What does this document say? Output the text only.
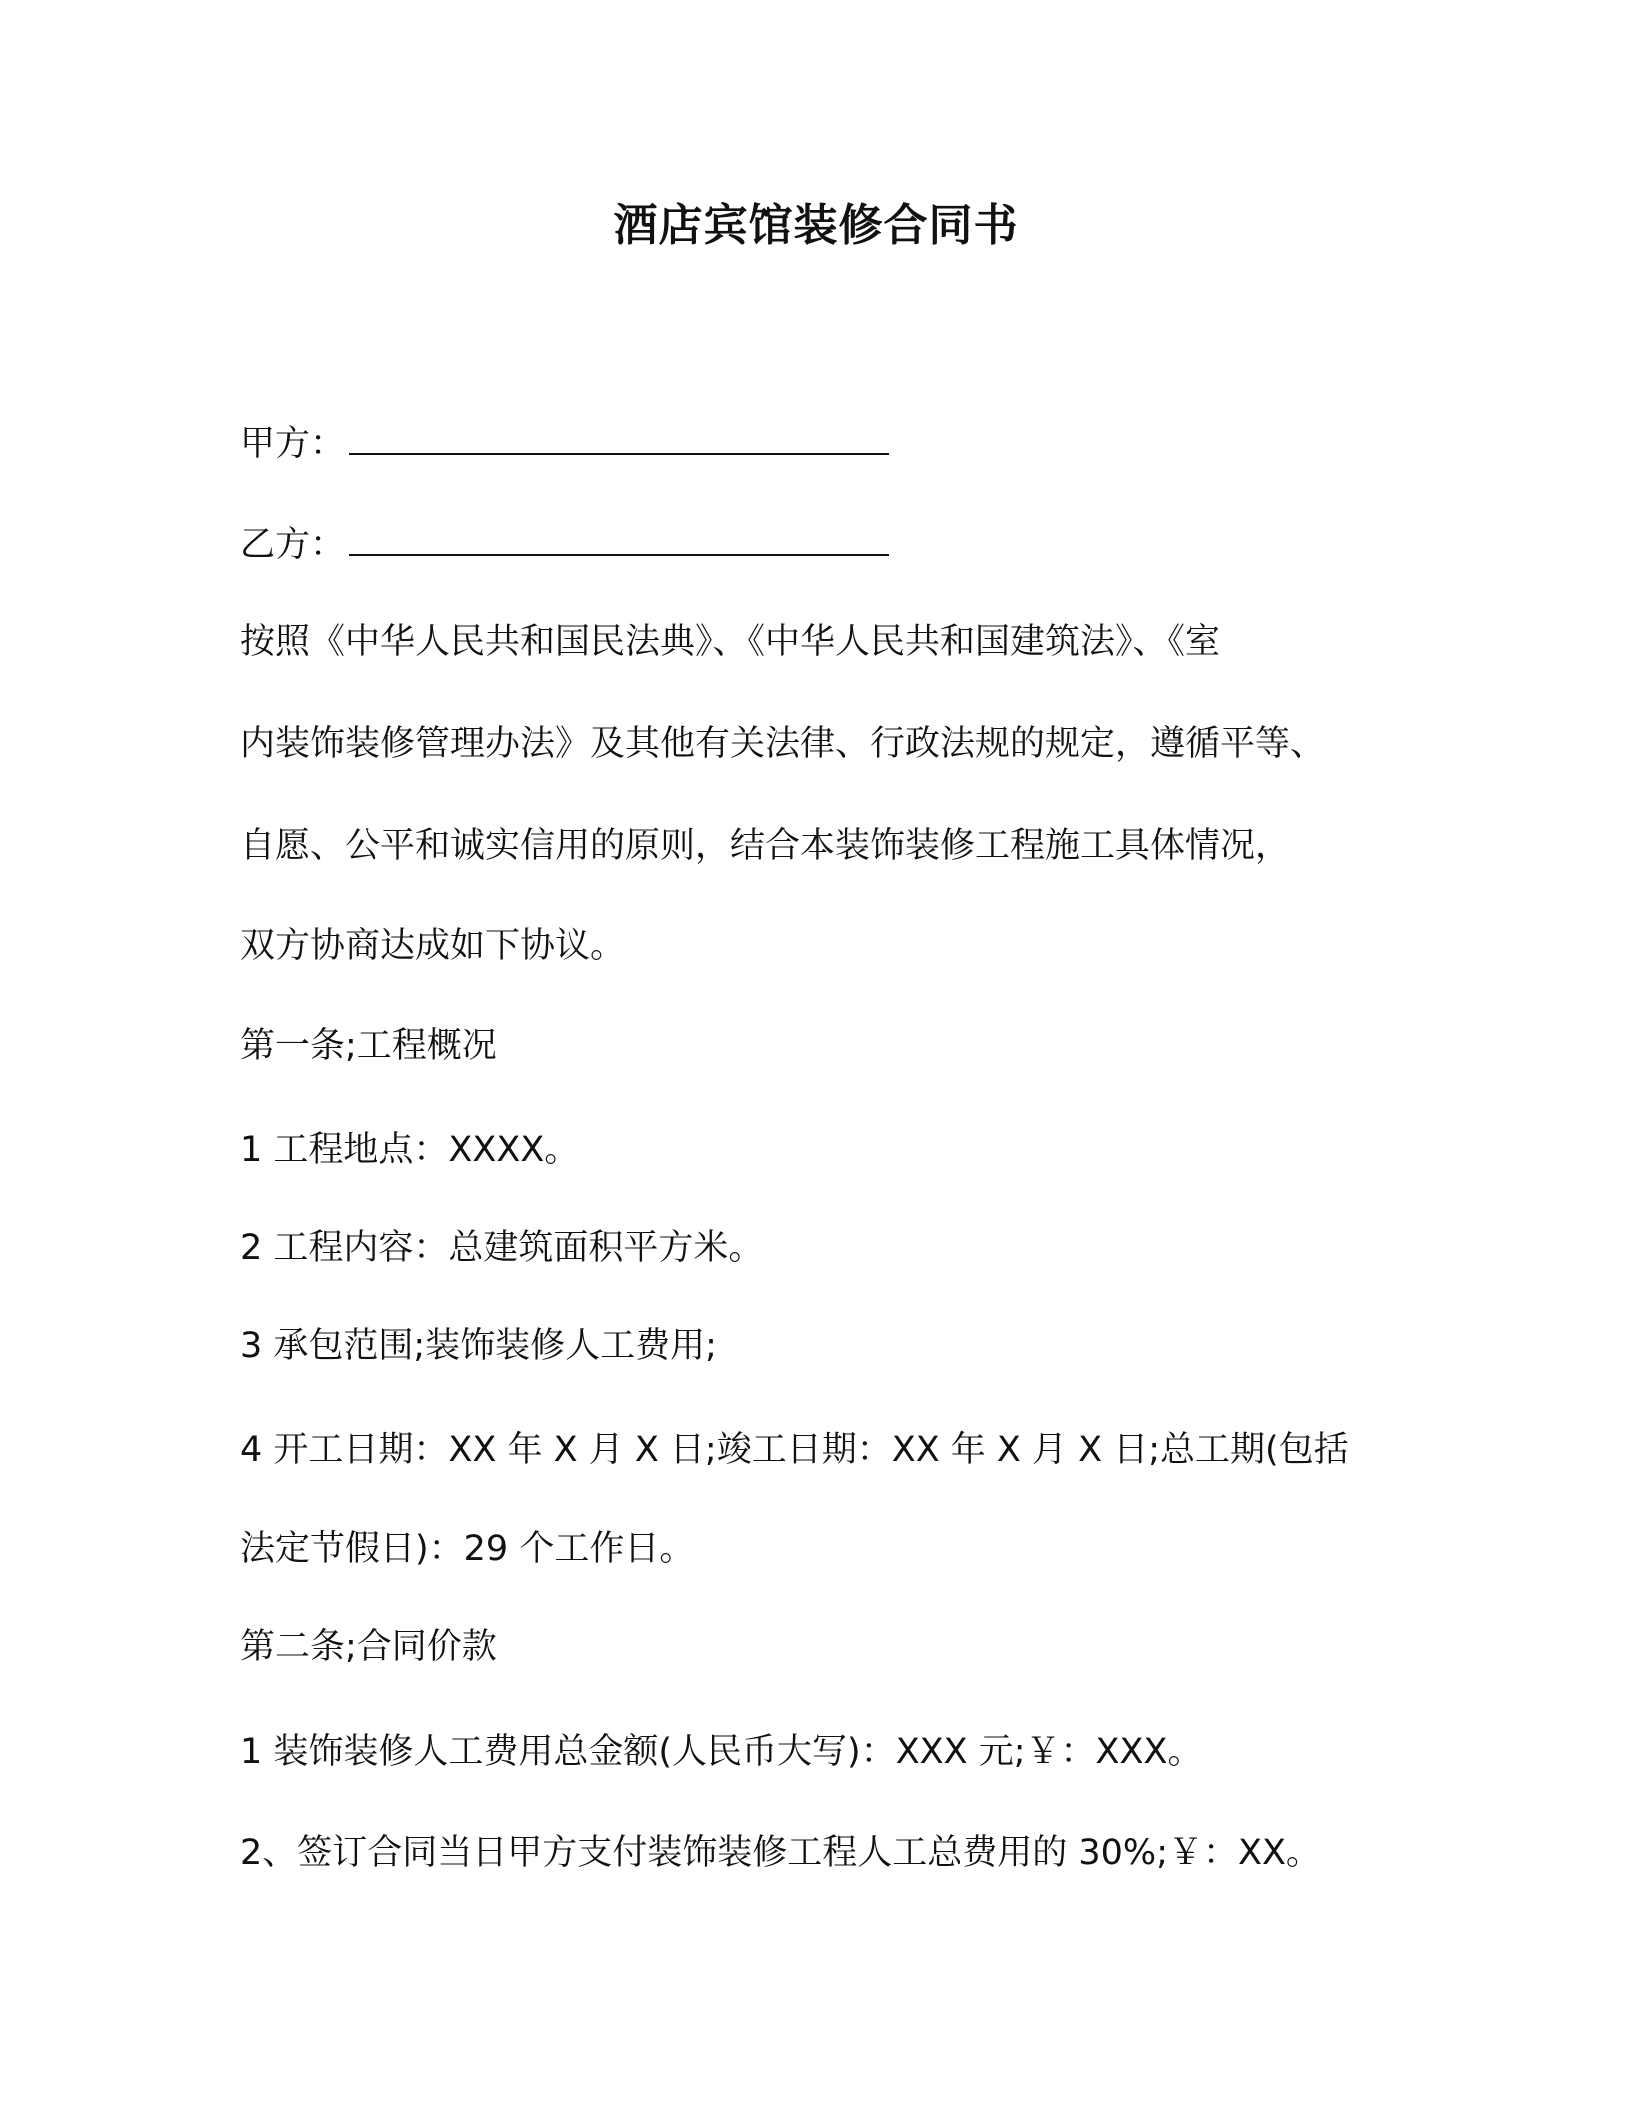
酒店宾馆装修合同书
甲方：
乙方：
按照《中华人民共和国民法典》、《中华人民共和国建筑法》、《室
内装饰装修管理办法》及其他有关法律、行政法规的规定，遵循平等、
自愿、公平和诚实信用的原则，结合本装饰装修工程施工具体情况，
双方协商达成如下协议。
第一条;工程概况
1 工程地点：XXXX。
2 工程内容：总建筑面积平方米。
3 承包范围;装饰装修人工费用;
4 开工日期：XX 年 X 月 X 日;竣工日期：XX 年 X 月 X 日;总工期(包括
法定节假日)：29 个工作日。
第二条;合同价款
1 装饰装修人工费用总金额(人民币大写)：XXX 元;￥：XXX。
2、签订合同当日甲方支付装饰装修工程人工总费用的 30%;￥：XX。
